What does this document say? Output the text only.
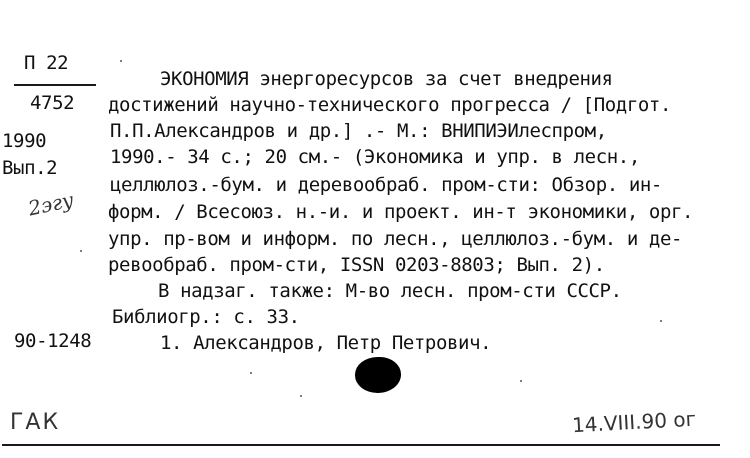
П 22
4752
1990
Вып.2
2эгу
90-1248
ЭКОНОМИЯ энергоресурсов за счет внедрения
достижений научно-технического прогресса / [Подгот.
П.П.Александров и др.] .- М.: ВНИПИЭИлеспром,
1990.- 34 с.; 20 см.- (Экономика и упр. в лесн.,
целлюлоз.-бум. и деревообраб. пром-сти: Обзор. ин-
форм. / Всесоюз. н.-и. и проект. ин-т экономики, орг.
упр. пр-вом и информ. по лесн., целлюлоз.-бум. и де-
ревообраб. пром-сти, ISSN 0203-8803; Вып. 2).
В надзаг. также: М-во лесн. пром-сти СССР.
Библиогр.: с. 33.
1. Александров, Петр Петрович.
ГАК	14.VIII.90 ог
